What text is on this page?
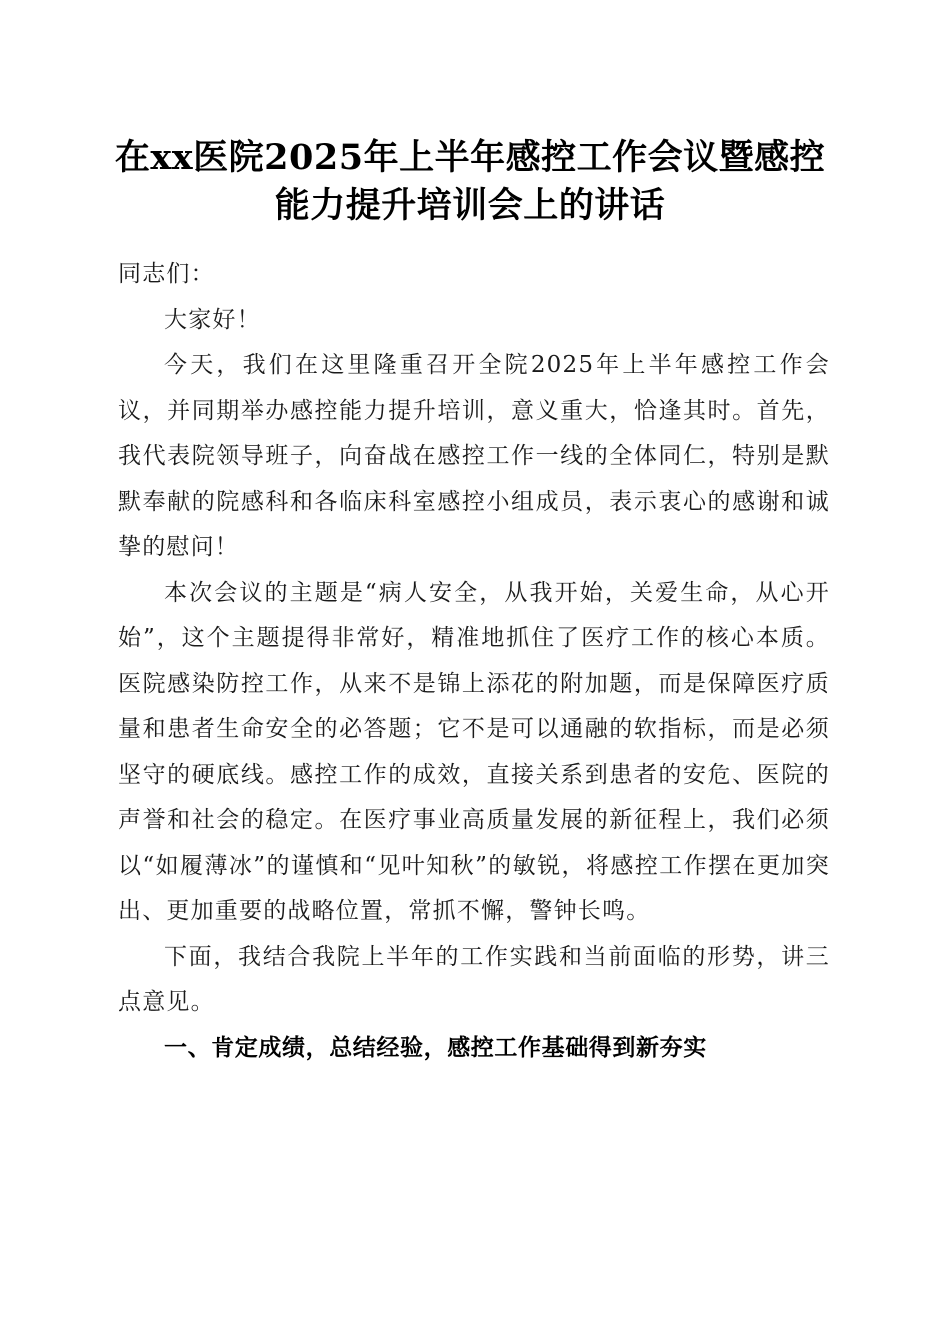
在xx医院2025年上半年感控工作会议暨感控
能力提升培训会上的讲话

同志们：

大家好！

今天，我们在这里隆重召开全院2025年上半年感控工作会议，并同期举办感控能力提升培训，意义重大，恰逢其时。首先，我代表院领导班子，向奋战在感控工作一线的全体同仁，特别是默默奉献的院感科和各临床科室感控小组成员，表示衷心的感谢和诚挚的慰问！

本次会议的主题是“病人安全，从我开始，关爱生命，从心开始”，这个主题提得非常好，精准地抓住了医疗工作的核心本质。医院感染防控工作，从来不是锦上添花的附加题，而是保障医疗质量和患者生命安全的必答题；它不是可以通融的软指标，而是必须坚守的硬底线。感控工作的成效，直接关系到患者的安危、医院的声誉和社会的稳定。在医疗事业高质量发展的新征程上，我们必须以“如履薄冰”的谨慎和“见叶知秋”的敏锐，将感控工作摆在更加突出、更加重要的战略位置，常抓不懈，警钟长鸣。

下面，我结合我院上半年的工作实践和当前面临的形势，讲三点意见。

一、肯定成绩，总结经验，感控工作基础得到新夯实
